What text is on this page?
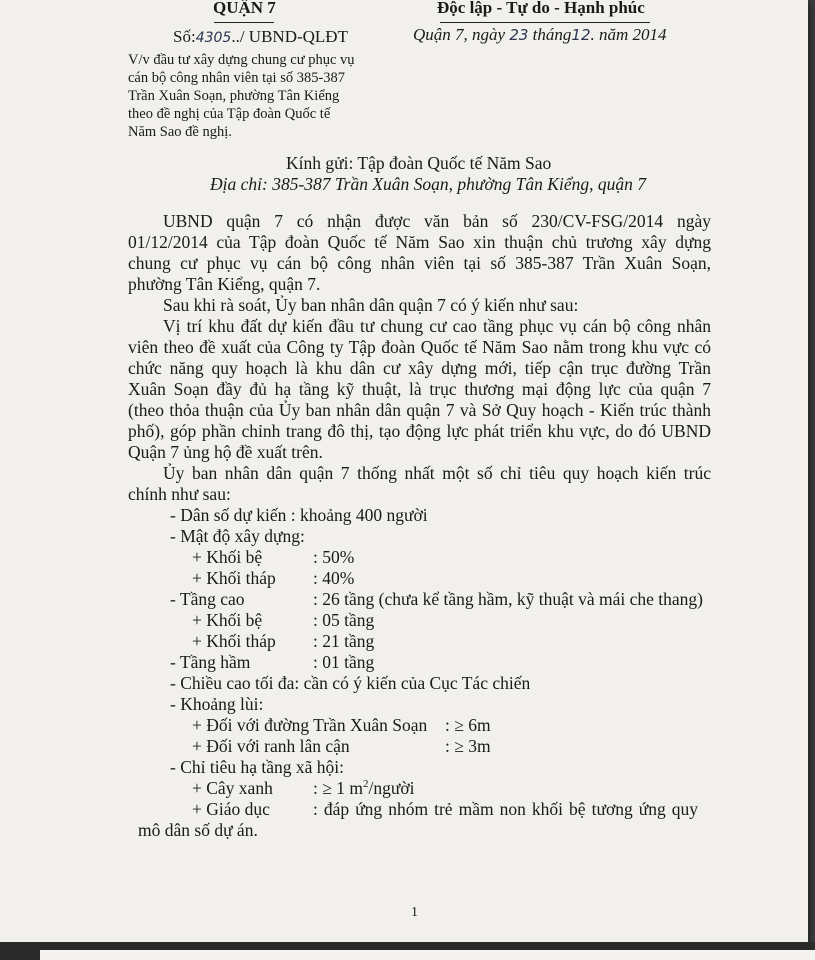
QUẬN 7
Số:4305../ UBND-QLĐT
Độc lập - Tự do - Hạnh phúc
Quận 7, ngày 23 tháng12. năm 2014
V/v đầu tư xây dựng chung cư phục vụ
cán bộ công nhân viên tại số 385-387
Trần Xuân Soạn, phường Tân Kiểng
theo đề nghị của Tập đoàn Quốc tế
Năm Sao đề nghị.
Kính gửi: Tập đoàn Quốc tế Năm Sao
Địa chỉ: 385-387 Trần Xuân Soạn, phường Tân Kiểng, quận 7
UBND quận 7 có nhận được văn bản số 230/CV-FSG/2014 ngày
01/12/2014 của Tập đoàn Quốc tế Năm Sao xin thuận chủ trương xây dựng
chung cư phục vụ cán bộ công nhân viên tại số 385-387 Trần Xuân Soạn,
phường Tân Kiểng, quận 7.
Sau khi rà soát, Ủy ban nhân dân quận 7 có ý kiến như sau:
Vị trí khu đất dự kiến đầu tư chung cư cao tầng phục vụ cán bộ công nhân
viên theo đề xuất của Công ty Tập đoàn Quốc tế Năm Sao nằm trong khu vực có
chức năng quy hoạch là khu dân cư xây dựng mới, tiếp cận trục đường Trần
Xuân Soạn đầy đủ hạ tầng kỹ thuật, là trục thương mại động lực của quận 7
(theo thỏa thuận của Ủy ban nhân dân quận 7 và Sở Quy hoạch - Kiến trúc thành
phố), góp phần chỉnh trang đô thị, tạo động lực phát triển khu vực, do đó UBND
Quận 7 ủng hộ đề xuất trên.
Ủy ban nhân dân quận 7 thống nhất một số chỉ tiêu quy hoạch kiến trúc
chính như sau:
- Dân số dự kiến : khoảng 400 người
- Mật độ xây dựng:
+ Khối bệ	: 50%
+ Khối tháp : 40%
- Tầng cao	: 26 tầng (chưa kể tầng hầm, kỹ thuật và mái che thang)
+ Khối bệ	: 05 tầng
+ Khối tháp : 21 tầng
- Tầng hầm	: 01 tầng
- Chiều cao tối đa: cần có ý kiến của Cục Tác chiến
- Khoảng lùi:
+ Đối với đường Trần Xuân Soạn : ≥ 6m
+ Đối với ranh lân cận	: ≥ 3m
- Chỉ tiêu hạ tầng xã hội:
+ Cây xanh : ≥ 1 $m^2$/người
+ Giáo dục : đáp ứng nhóm trẻ mầm non khối bệ tương ứng quy
mô dân số dự án.
1
